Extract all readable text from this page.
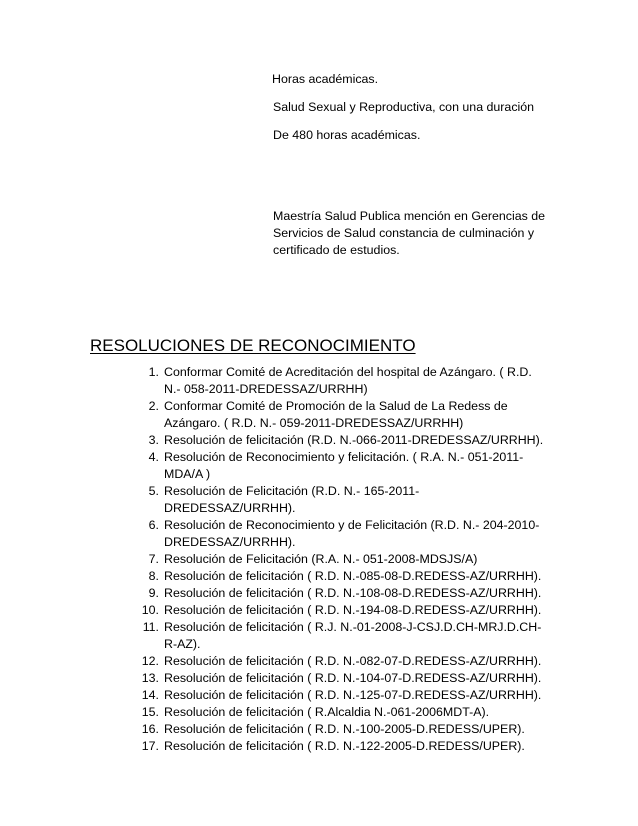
Horas académicas.
Salud Sexual y Reproductiva, con una duración
De 480 horas académicas.
Maestría Salud Publica mención en Gerencias de
Servicios de Salud constancia de culminación y
certificado de estudios.
RESOLUCIONES DE RECONOCIMIENTO
1. Conformar Comité de Acreditación del hospital de Azángaro. ( R.D.
N.- 058-2011-DREDESSAZ/URRHH)
2. Conformar Comité de Promoción de la Salud de La Redess de
Azángaro. ( R.D. N.- 059-2011-DREDESSAZ/URRHH)
3. Resolución de felicitación (R.D. N.-066-2011-DREDESSAZ/URRHH).
4. Resolución de Reconocimiento y felicitación. ( R.A. N.- 051-2011-
MDA/A )
5. Resolución de Felicitación (R.D. N.- 165-2011-
DREDESSAZ/URRHH).
6. Resolución de Reconocimiento y de Felicitación (R.D. N.- 204-2010-
DREDESSAZ/URRHH).
7. Resolución de Felicitación (R.A. N.- 051-2008-MDSJS/A)
8. Resolución de felicitación ( R.D. N.-085-08-D.REDESS-AZ/URRHH).
9. Resolución de felicitación ( R.D. N.-108-08-D.REDESS-AZ/URRHH).
10. Resolución de felicitación ( R.D. N.-194-08-D.REDESS-AZ/URRHH).
11. Resolución de felicitación ( R.J. N.-01-2008-J-CSJ.D.CH-MRJ.D.CH-
R-AZ).
12. Resolución de felicitación ( R.D. N.-082-07-D.REDESS-AZ/URRHH).
13. Resolución de felicitación ( R.D. N.-104-07-D.REDESS-AZ/URRHH).
14. Resolución de felicitación ( R.D. N.-125-07-D.REDESS-AZ/URRHH).
15. Resolución de felicitación ( R.Alcaldia N.-061-2006MDT-A).
16. Resolución de felicitación ( R.D. N.-100-2005-D.REDESS/UPER).
17. Resolución de felicitación ( R.D. N.-122-2005-D.REDESS/UPER).
